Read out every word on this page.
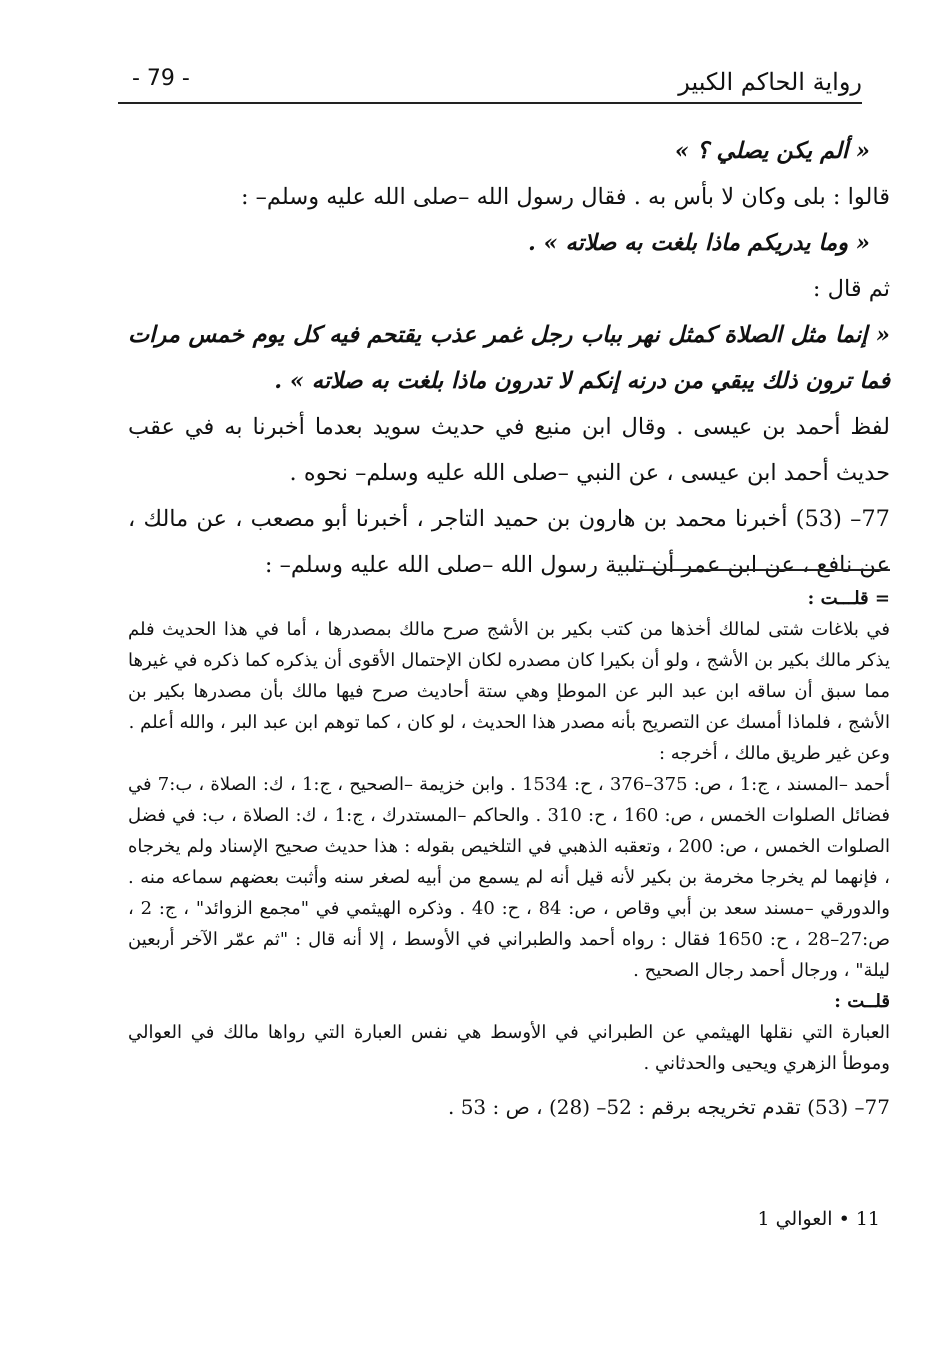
رواية الحاكم الكبير
- 79 -

« ألم يكن يصلي ؟ »

قالوا : بلى وكان لا بأس به . فقال رسول الله –صلى الله عليه وسلم– :

« وما يدريكم ماذا بلغت به صلاته » .

ثم قال :

« إنما مثل الصلاة كمثل نهر بباب رجل غمر عذب يقتحم فيه كل يوم خمس مرات فما ترون ذلك يبقي من درنه إنكم لا تدرون ماذا بلغت به صلاته » .

لفظ أحمد بن عيسى . وقال ابن منيع في حديث سويد بعدما أخبرنا به في عقب حديث أحمد ابن عيسى ، عن النبي –صلى الله عليه وسلم– نحوه .

77– (53) أخبرنا محمد بن هارون بن حميد التاجر ، أخبرنا أبو مصعب ، عن مالك ، عن نافع ، عن ابن عمر أن تلبية رسول الله –صلى الله عليه وسلم– :

= قلـــت :

في بلاغات شتى لمالك أخذها من كتب بكير بن الأشج صرح مالك بمصدرها ، أما في هذا الحديث فلم يذكر مالك بكير بن الأشج ، ولو أن بكيرا كان مصدره لكان الإحتمال الأقوى أن يذكره كما ذكره في غيرها مما سبق أن ساقه ابن عبد البر عن الموطإ وهي ستة أحاديث صرح فيها مالك بأن مصدرها بكير بن الأشج ، فلماذا أمسك عن التصريح بأنه مصدر هذا الحديث ، لو كان ، كما توهم ابن عبد البر ، والله أعلم .

وعن غير طريق مالك ، أخرجه :

أحمد –المسند ، ج:1 ، ص: 375–376 ، ح: 1534 . وابن خزيمة –الصحيح ، ج:1 ، ك: الصلاة ، ب:7 في فضائل الصلوات الخمس ، ص: 160 ، ح: 310 . والحاكم –المستدرك ، ج:1 ، ك: الصلاة ، ب: في فضل الصلوات الخمس ، ص: 200 ، وتعقبه الذهبي في التلخيص بقوله : هذا حديث صحيح الإسناد ولم يخرجاه ، فإنهما لم يخرجا مخرمة بن بكير لأنه قيل أنه لم يسمع من أبيه لصغر سنه وأثبت بعضهم سماعه منه . والدورقي –مسند سعد بن أبي وقاص ، ص: 84 ، ح: 40 . وذكره الهيثمي في "مجمع الزوائد" ، ج: 2 ، ص:27–28 ، ح: 1650 فقال : رواه أحمد والطبراني في الأوسط ، إلا أنه قال : "ثم عمّر الآخر أربعين ليلة" ، ورجال أحمد رجال الصحيح .

قلــت :

العبارة التي نقلها الهيثمي عن الطبراني في الأوسط هي نفس العبارة التي رواها مالك في العوالي وموطأ الزهري ويحيى والحدثاني .

77– (53) تقدم تخريجه برقم : 52– (28) ، ص : 53 .

11 • العوالي 1
